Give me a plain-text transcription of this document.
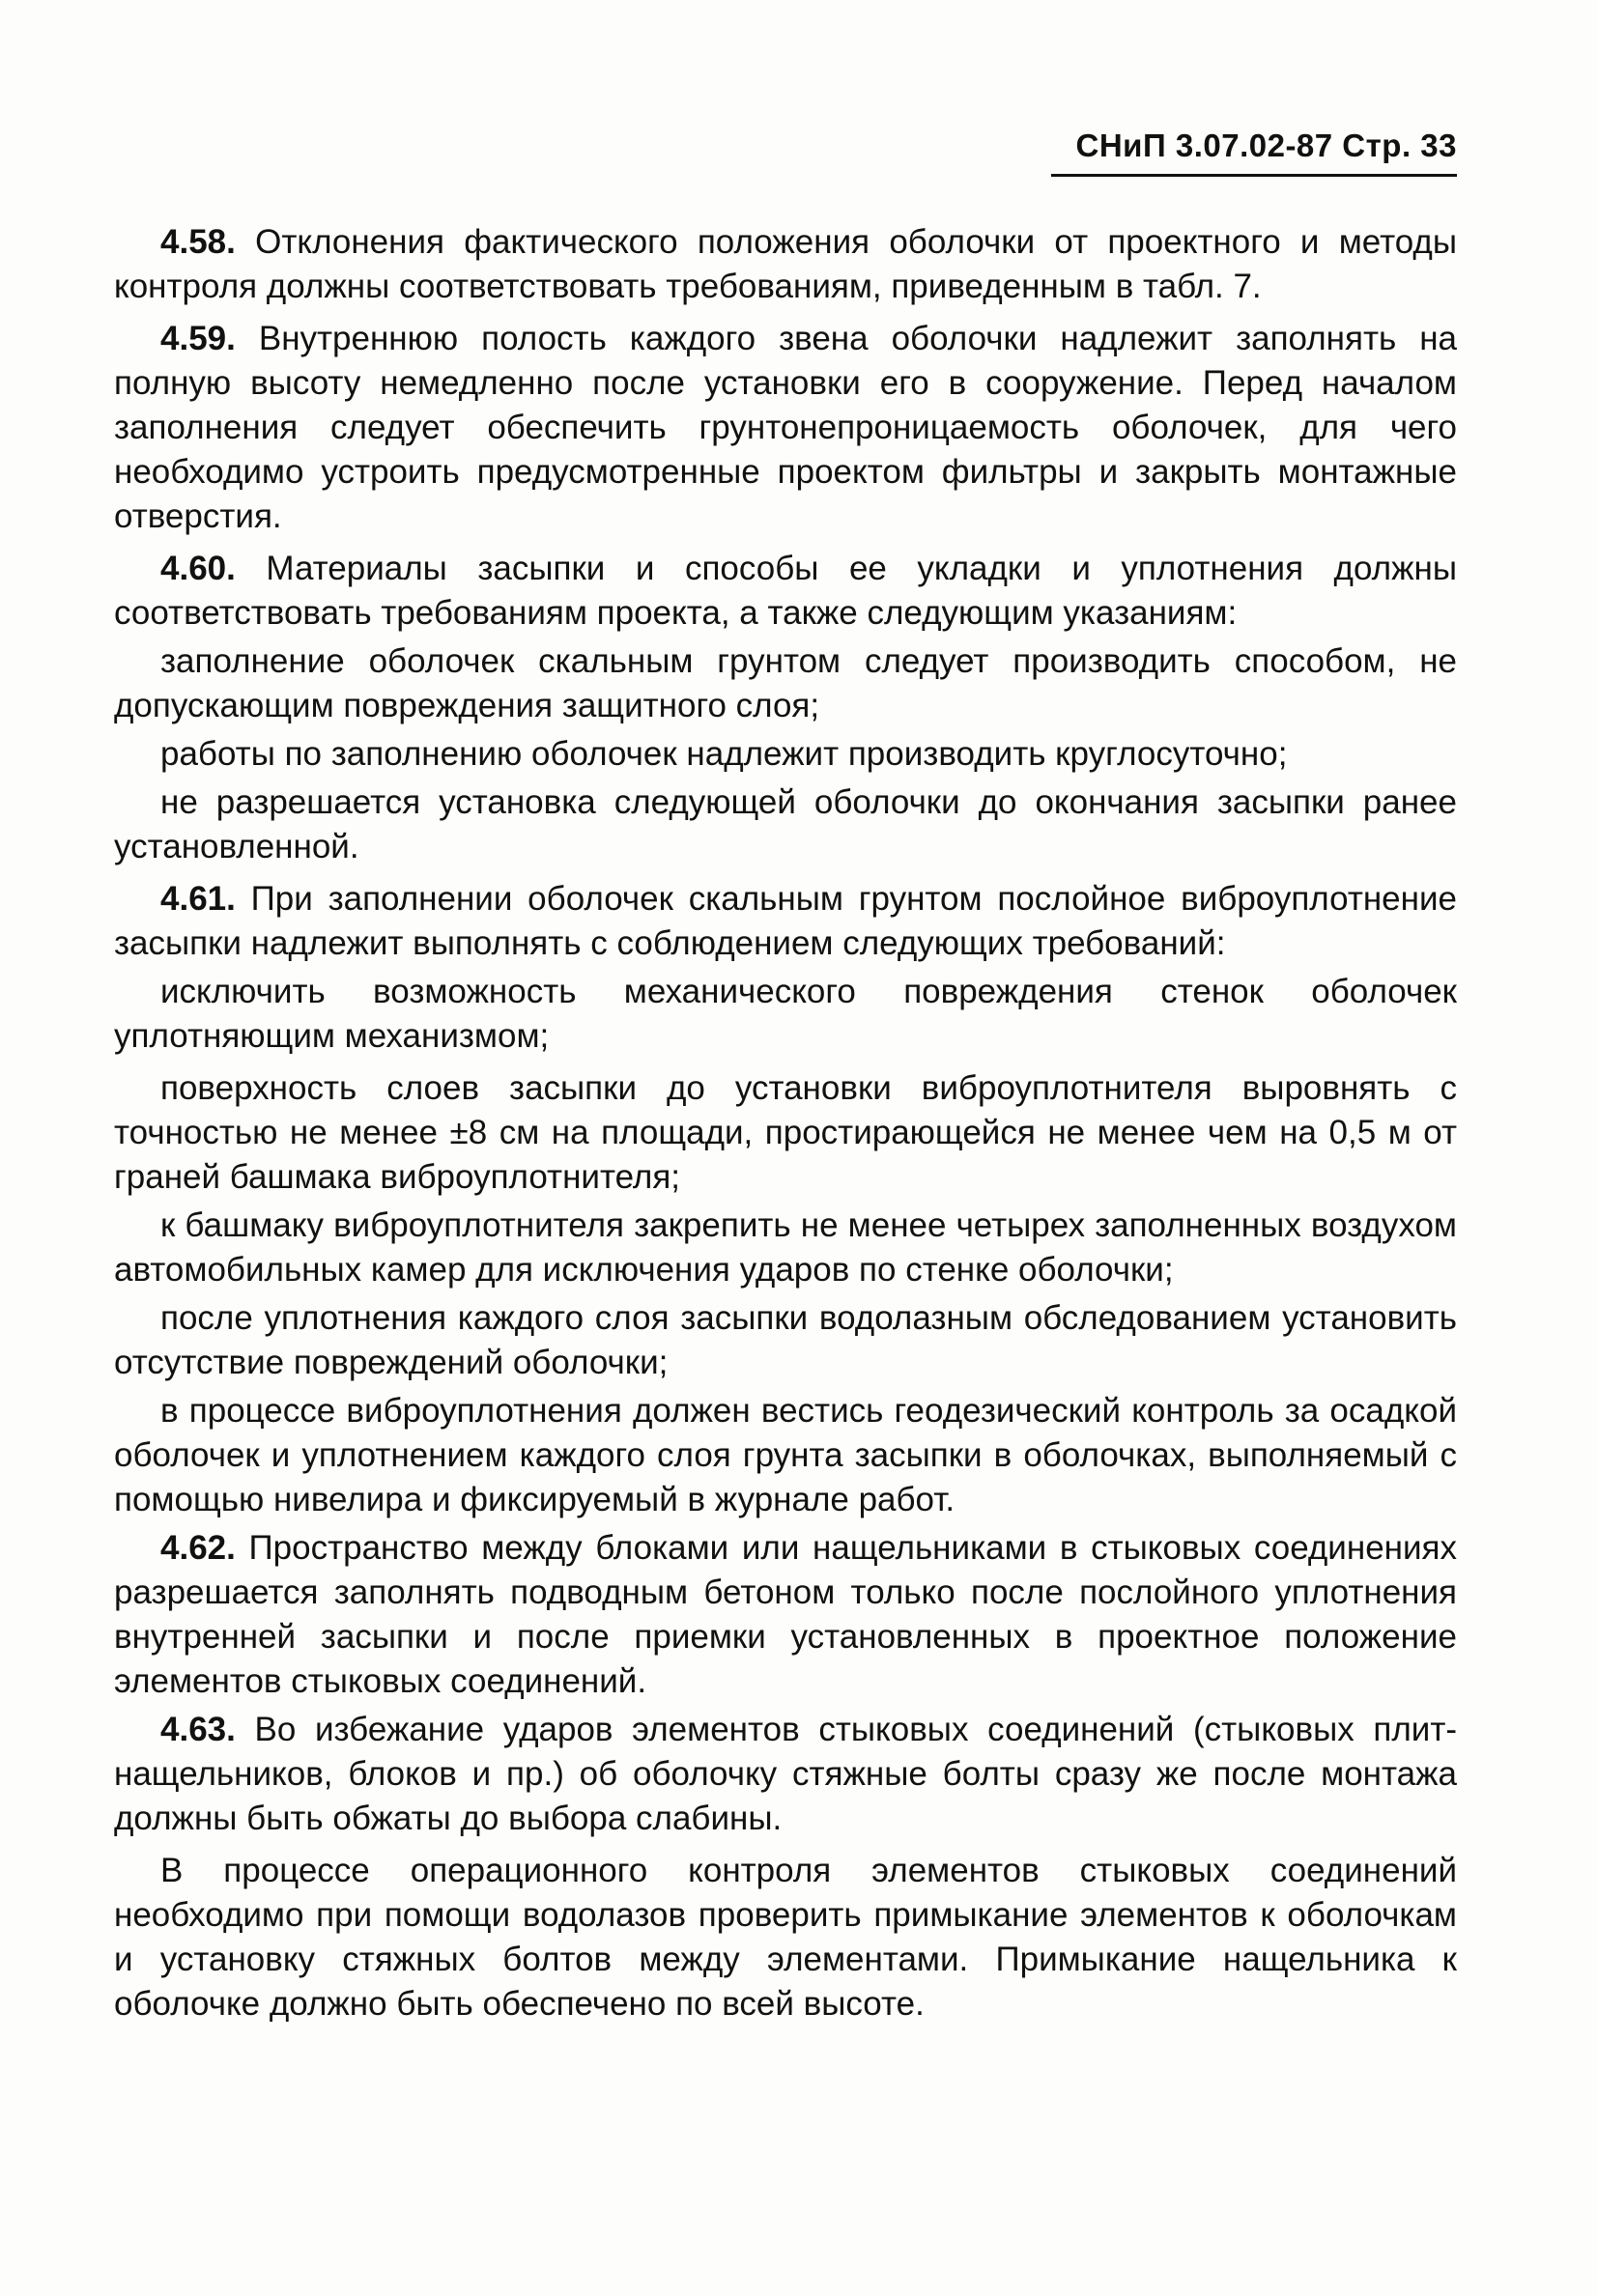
СНиП 3.07.02-87 Стр. 33

4.58. Отклонения фактического положения оболочки от проектного и методы контроля должны соответствовать требованиям, приведенным в табл. 7.

4.59. Внутреннюю полость каждого звена оболочки надлежит заполнять на полную высоту немедленно после установки его в сооружение. Перед началом заполнения следует обеспечить грунтонепроницаемость оболочек, для чего необходимо устроить предусмотренные проектом фильтры и закрыть монтажные отверстия.

4.60. Материалы засыпки и способы ее укладки и уплотнения должны соответствовать требованиям проекта, а также следующим указаниям:

заполнение оболочек скальным грунтом следует производить способом, не допускающим повреждения защитного слоя;

работы по заполнению оболочек надлежит производить круглосуточно;

не разрешается установка следующей оболочки до окончания засыпки ранее установленной.

4.61. При заполнении оболочек скальным грунтом послойное виброуплотнение засыпки надлежит выполнять с соблюдением следующих требований:

исключить возможность механического повреждения стенок оболочек уплотняющим механизмом;

поверхность слоев засыпки до установки виброуплотнителя выровнять с точностью не менее ±8 см на площади, простирающейся не менее чем на 0,5 м от граней башмака виброуплотнителя;

к башмаку виброуплотнителя закрепить не менее четырех заполненных воздухом автомобильных камер для исключения ударов по стенке оболочки;

после уплотнения каждого слоя засыпки водолазным обследованием установить отсутствие повреждений оболочки;

в процессе виброуплотнения должен вестись геодезический контроль за осадкой оболочек и уплотнением каждого слоя грунта засыпки в оболочках, выполняемый с помощью нивелира и фиксируемый в журнале работ.

4.62. Пространство между блоками или нащельниками в стыковых соединениях разрешается заполнять подводным бетоном только после послойного уплотнения внутренней засыпки и после приемки установленных в проектное положение элементов стыковых соединений.

4.63. Во избежание ударов элементов стыковых соединений (стыковых плит-нащельников, блоков и пр.) об оболочку стяжные болты сразу же после монтажа должны быть обжаты до выбора слабины.

В процессе операционного контроля элементов стыковых соединений необходимо при помощи водолазов проверить примыкание элементов к оболочкам и установку стяжных болтов между элементами. Примыкание нащельника к оболочке должно быть обеспечено по всей высоте.
